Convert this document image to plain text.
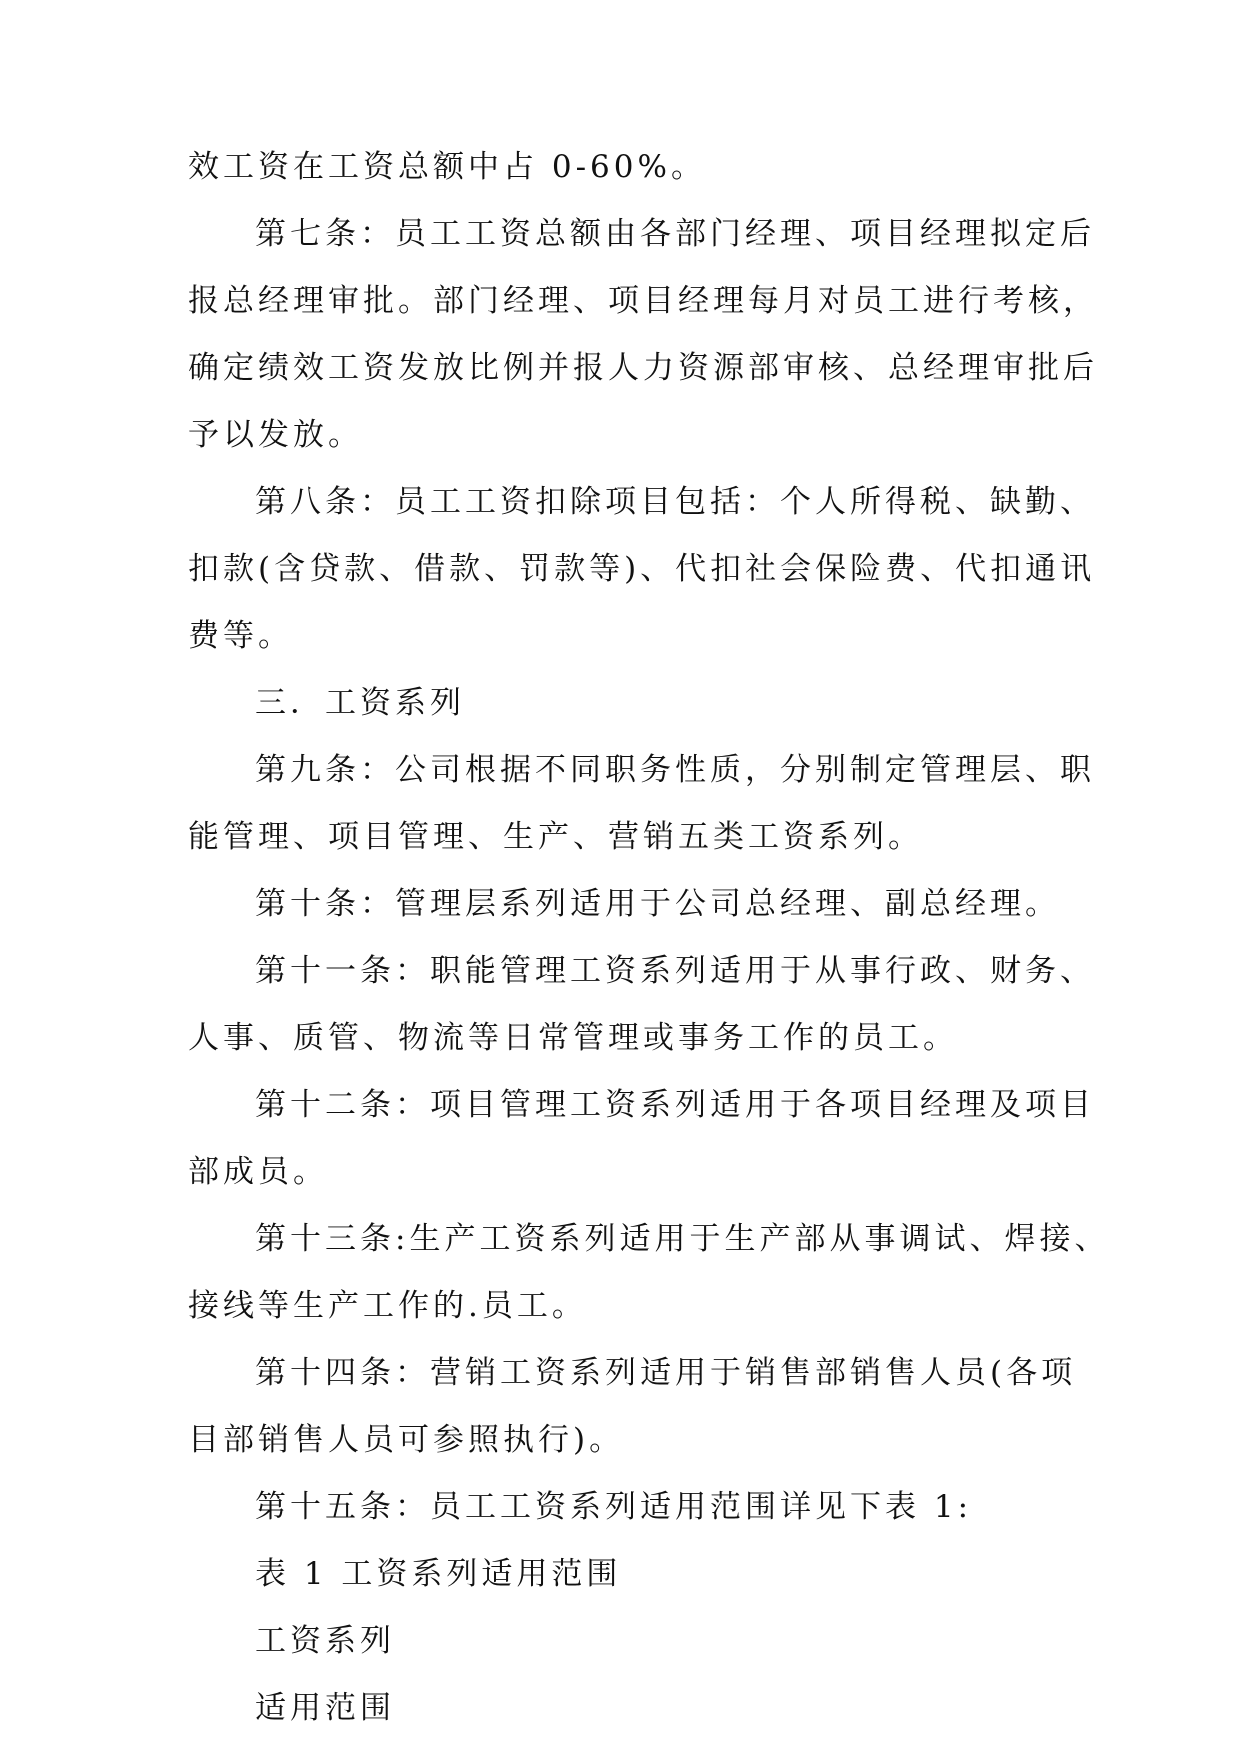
效工资在工资总额中占 0-60%。
第七条：员工工资总额由各部门经理、项目经理拟定后
报总经理审批。部门经理、项目经理每月对员工进行考核，
确定绩效工资发放比例并报人力资源部审核、总经理审批后
予以发放。
第八条：员工工资扣除项目包括：个人所得税、缺勤、
扣款(含贷款、借款、罚款等)、代扣社会保险费、代扣通讯
费等。
三．工资系列
第九条：公司根据不同职务性质，分别制定管理层、职
能管理、项目管理、生产、营销五类工资系列。
第十条：管理层系列适用于公司总经理、副总经理。
第十一条：职能管理工资系列适用于从事行政、财务、
人事、质管、物流等日常管理或事务工作的员工。
第十二条：项目管理工资系列适用于各项目经理及项目
部成员。
第十三条:生产工资系列适用于生产部从事调试、焊接、
接线等生产工作的.员工。
第十四条：营销工资系列适用于销售部销售人员(各项
目部销售人员可参照执行)。
第十五条：员工工资系列适用范围详见下表 1:
表 1 工资系列适用范围
工资系列
适用范围
